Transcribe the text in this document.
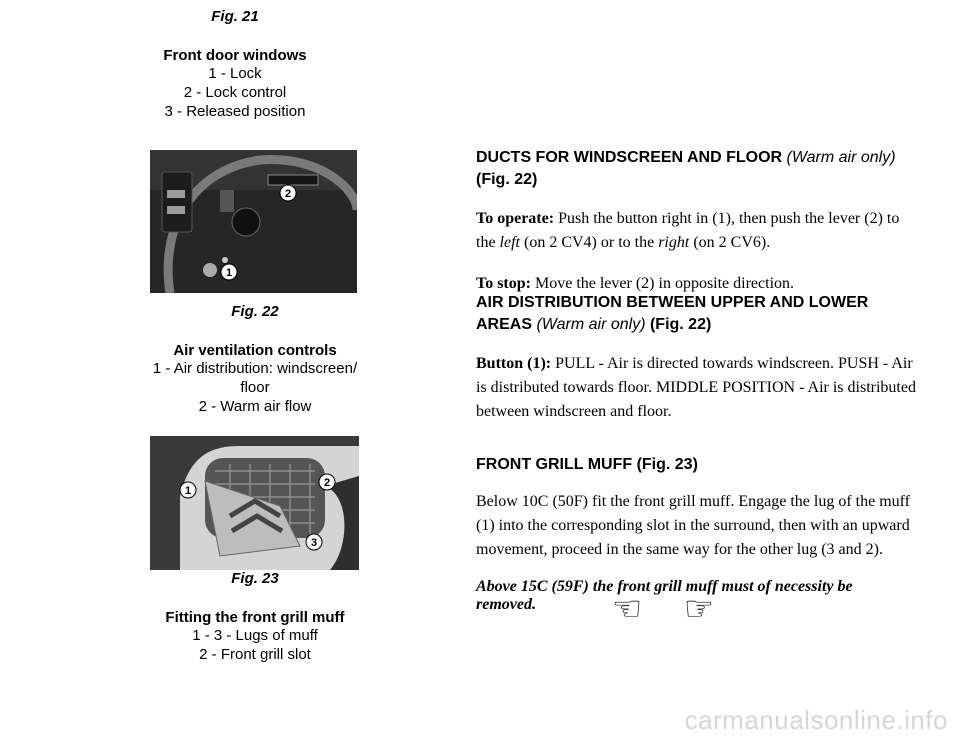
Fig. 21
Front door windows
1 - Lock
2 - Lock control
3 - Released position
2
1
Fig. 22
Air ventilation controls
1 - Air distribution: windscreen/
floor
2 - Warm air flow
1
2
3
Fig. 23
Fitting the front grill muff
1 - 3 - Lugs of muff
2 - Front grill slot
DUCTS FOR WINDSCREEN AND FLOOR (Warm air only)
(Fig. 22)

To operate: Push the button right in (1), then push the lever (2) to the left (on 2 CV4) or to the right (on 2 CV6).

To stop: Move the lever (2) in opposite direction.

AIR DISTRIBUTION BETWEEN UPPER AND LOWER
AREAS (Warm air only) (Fig. 22)

Button (1): PULL - Air is directed towards windscreen. PUSH - Air is distributed towards floor. MIDDLE POSITION - Air is distributed between windscreen and floor.

FRONT GRILL MUFF (Fig. 23)

Below 10C (50F) fit the front grill muff. Engage the lug of the muff (1) into the corresponding slot in the surround, then with an upward movement, proceed in the same way for the other lug (3 and 2).

Above 15C (59F) the front grill muff must of necessity be removed.	☜ ☞
carmanualsonline.info
